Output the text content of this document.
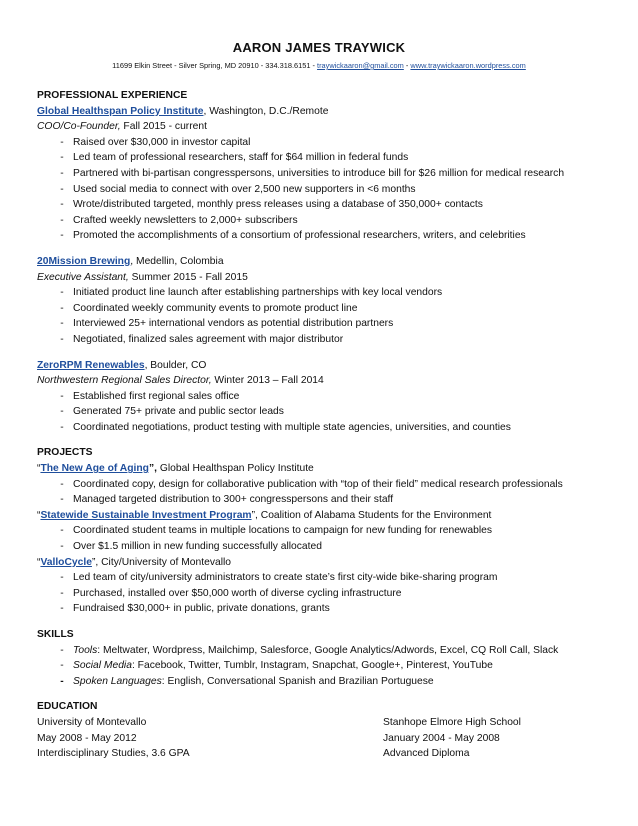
AARON JAMES TRAYWICK
11699 Elkin Street - Silver Spring, MD 20910 - 334.318.6151 - traywickaaron@gmail.com - www.traywickaaron.wordpress.com
PROFESSIONAL EXPERIENCE
Global Healthspan Policy Institute, Washington, D.C./Remote
COO/Co-Founder, Fall 2015 - current
- Raised over $30,000 in investor capital
- Led team of professional researchers, staff for $64 million in federal funds
- Partnered with bi-partisan congresspersons, universities to introduce bill for $26 million for medical research
- Used social media to connect with over 2,500 new supporters in <6 months
- Wrote/distributed targeted, monthly press releases using a database of 350,000+ contacts
- Crafted weekly newsletters to 2,000+ subscribers
- Promoted the accomplishments of a consortium of professional researchers, writers, and celebrities
20Mission Brewing, Medellin, Colombia
Executive Assistant, Summer 2015 - Fall 2015
- Initiated product line launch after establishing partnerships with key local vendors
- Coordinated weekly community events to promote product line
- Interviewed 25+ international vendors as potential distribution partners
- Negotiated, finalized sales agreement with major distributor
ZeroRPM Renewables, Boulder, CO
Northwestern Regional Sales Director, Winter 2013 – Fall 2014
- Established first regional sales office
- Generated 75+ private and public sector leads
- Coordinated negotiations, product testing with multiple state agencies, universities, and counties
PROJECTS
“The New Age of Aging”, Global Healthspan Policy Institute
- Coordinated copy, design for collaborative publication with “top of their field” medical research professionals
- Managed targeted distribution to 300+ congresspersons and their staff
“Statewide Sustainable Investment Program”, Coalition of Alabama Students for the Environment
- Coordinated student teams in multiple locations to campaign for new funding for renewables
- Over $1.5 million in new funding successfully allocated
“ValloCycle”, City/University of Montevallo
- Led team of city/university administrators to create state’s first city-wide bike-sharing program
- Purchased, installed over $50,000 worth of diverse cycling infrastructure
- Fundraised $30,000+ in public, private donations, grants
SKILLS
- Tools : Meltwater, Wordpress, Mailchimp, Salesforce, Google Analytics/Adwords, Excel, CQ Roll Call, Slack
- Social Media : Facebook, Twitter, Tumblr, Instagram, Snapchat, Google+, Pinterest, YouTube
- Spoken Languages : English, Conversational Spanish and Brazilian Portuguese
EDUCATION
University of Montevallo	Stanhope Elmore High School
May 2008 - May 2012	January 2004 - May 2008
Interdisciplinary Studies, 3.6 GPA	Advanced Diploma
